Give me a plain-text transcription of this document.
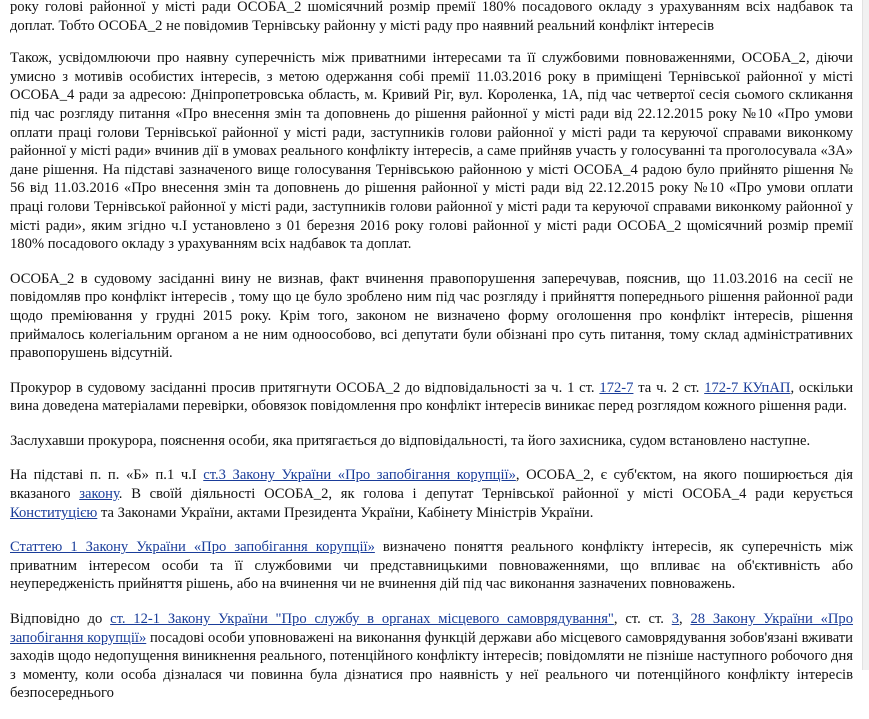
року голові районної у місті ради ОСОБА_2 шомісячний розмір премії 180% посадового окладу з урахуванням всіх надбавок та доплат. Тобто ОСОБА_2 не повідомив Тернівську районну у місті раду про наявний реальний конфлікт інтересів

Також, усвідомлюючи про наявну суперечність між приватними інтересами та її службовими повноваженнями, ОСОБА_2, діючи умисно з мотивів особистих інтересів, з метою одержання собі премії 11.03.2016 року в приміщені Тернівської районної у місті ОСОБА_4 ради за адресою: Дніпропетровська область, м. Кривий Ріг, вул. Короленка, 1А, під час четвертої сесія сьомого скликання під час розгляду питання «Про внесення змін та доповнень до рішення районної у місті ради від 22.12.2015 року №10 «Про умови оплати праці голови Тернівської районної у місті ради, заступників голови районної у місті ради та керуючої справами виконкому районної у місті ради» вчинив дії в умовах реального конфлікту інтересів, а саме прийняв участь у голосуванні та проголосувала «ЗА» дане рішення. На підставі зазначеного вище голосування Тернівською районною у місті ОСОБА_4 радою було прийнято рішення № 56 від 11.03.2016 «Про внесення змін та доповнень до рішення районної у місті ради від 22.12.2015 року №10 «Про умови оплати праці голови Тернівської районної у місті ради, заступників голови районної у місті ради та керуючої справами виконкому районної у місті ради», яким згідно ч.І установлено з 01 березня 2016 року голові районної у місті ради ОСОБА_2 щомісячний розмір премії 180% посадового окладу з урахуванням всіх надбавок та доплат.

ОСОБА_2 в судовому засіданні вину не визнав, факт вчинення правопорушення заперечував, пояснив, що 11.03.2016 на сесії не повідомляв про конфлікт інтересів , тому що це було зроблено ним під час розгляду і прийняття попереднього рішення районної ради щодо преміювання у грудні 2015 року. Крім того, законом не визначено форму оголошення про конфлікт інтересів, рішення приймалось колегіальним органом а не ним одноособово, всі депутати були обізнані про суть питання, тому склад адміністративних правопорушень відсутній.

Прокурор в судовому засіданні просив притягнути ОСОБА_2 до відповідальності за ч. 1 ст. 172-7 та ч. 2 ст. 172-7 КУпАП, оскільки вина доведена матеріалами перевірки, обовязок повідомлення про конфлікт інтересів виникає перед розглядом кожного рішення ради.

Заслухавши прокурора, пояснення особи, яка притягається до відповідальності, та його захисника, судом встановлено наступне.

На підставі п. п. «Б» п.1 ч.І ст.3 Закону України «Про запобігання корупції», ОСОБА_2, є суб'єктом, на якого поширюється дія вказаного закону. В своїй діяльності ОСОБА_2, як голова і депутат Тернівської районної у місті ОСОБА_4 ради керується Конституцією та Законами України, актами Президента України, Кабінету Міністрів України.

Статтею 1 Закону України «Про запобігання корупції» визначено поняття реального конфлікту інтересів, як суперечність між приватним інтересом особи та її службовими чи представницькими повноваженнями, що впливає на об'єктивність або неупередженість прийняття рішень, або на вчинення чи не вчинення дій під час виконання зазначених повноважень.

Відповідно до ст. 12-1 Закону України "Про службу в органах місцевого самоврядування", ст. ст. 3, 28 Закону України «Про запобігання корупції» посадові особи уповноважені на виконання функцій держави або місцевого самоврядування зобов'язані вживати заходів щодо недопущення виникнення реального, потенційного конфлікту інтересів; повідомляти не пізніше наступного робочого дня з моменту, коли особа дізналася чи повинна була дізнатися про наявність у неї реального чи потенційного конфлікту інтересів безпосереднього
